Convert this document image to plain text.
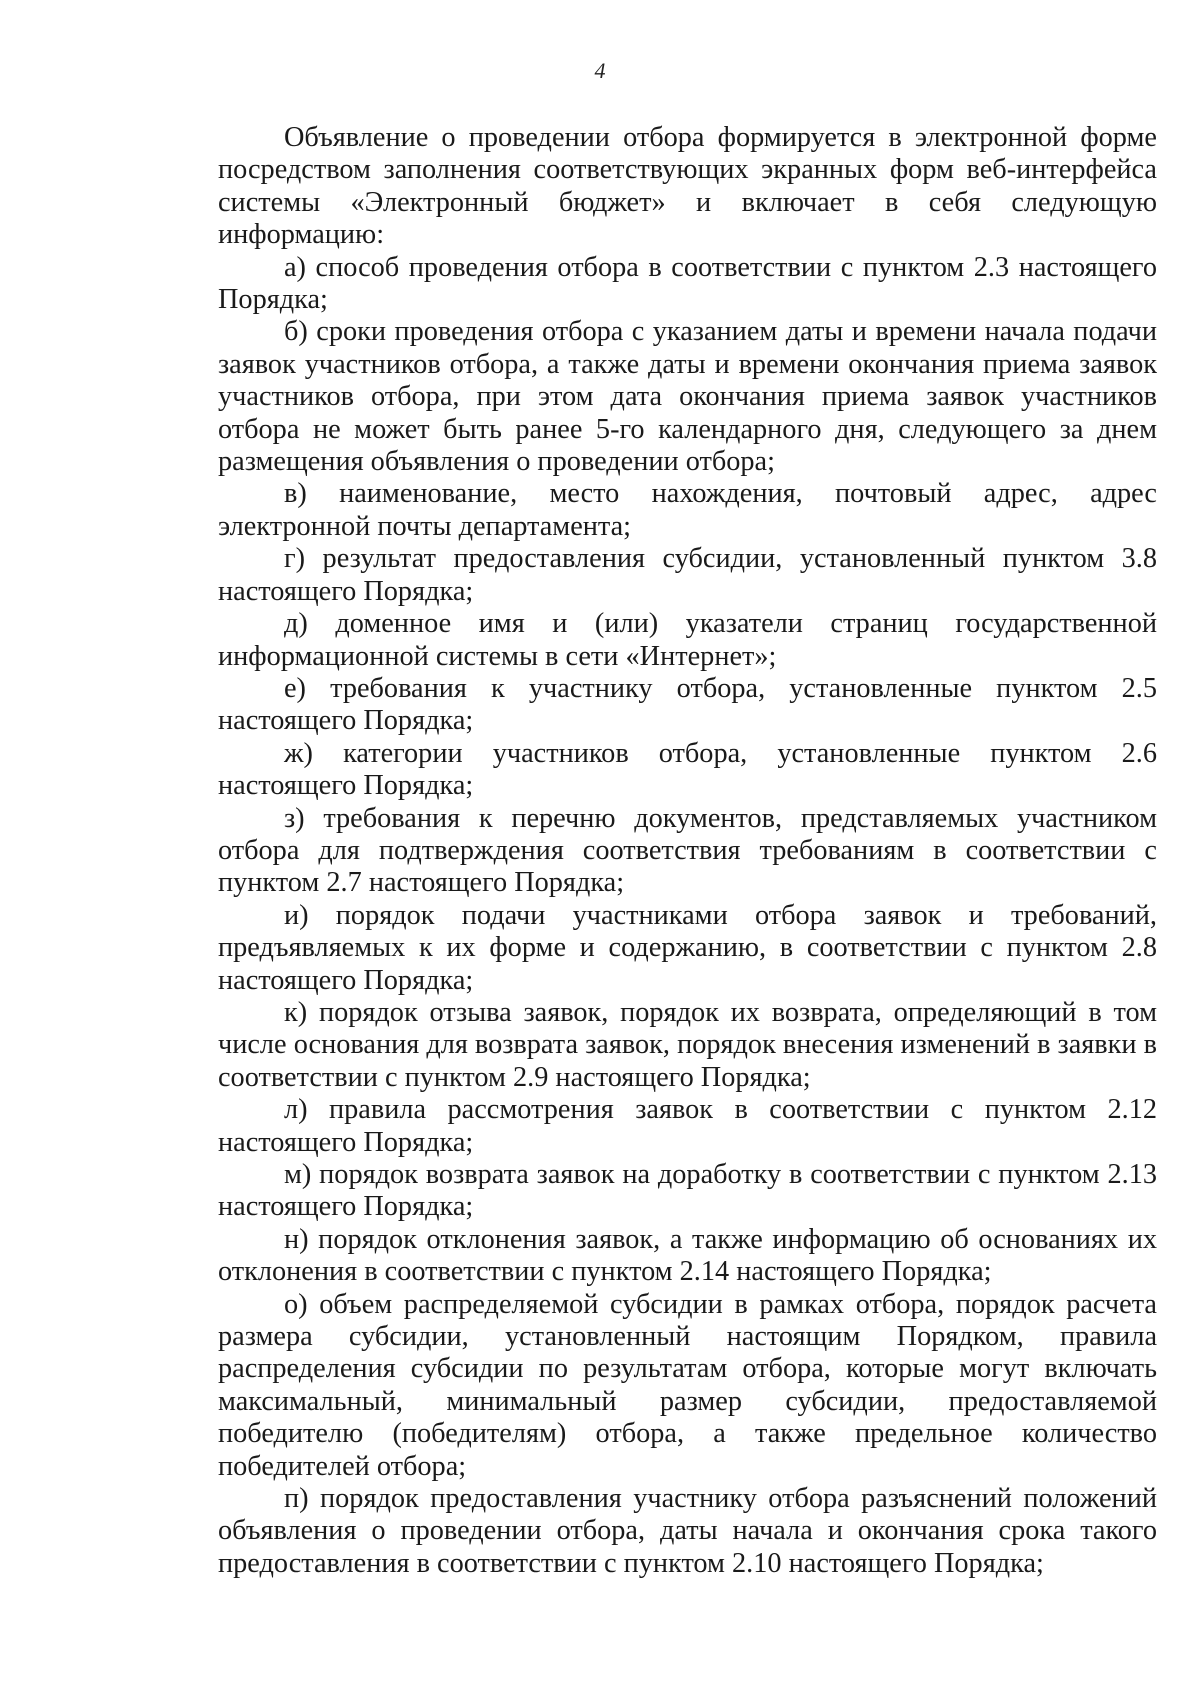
4

Объявление о проведении отбора формируется в электронной форме посредством заполнения соответствующих экранных форм веб-интерфейса системы «Электронный бюджет» и включает в себя следующую информацию:

а) способ проведения отбора в соответствии с пунктом 2.3 настоящего Порядка;

б) сроки проведения отбора с указанием даты и времени начала подачи заявок участников отбора, а также даты и времени окончания приема заявок участников отбора, при этом дата окончания приема заявок участников отбора не может быть ранее 5-го календарного дня, следующего за днем размещения объявления о проведении отбора;

в) наименование, место нахождения, почтовый адрес, адрес электронной почты департамента;

г) результат предоставления субсидии, установленный пунктом 3.8 настоящего Порядка;

д) доменное имя и (или) указатели страниц государственной информационной системы в сети «Интернет»;

е) требования к участнику отбора, установленные пунктом 2.5 настоящего Порядка;

ж) категории участников отбора, установленные пунктом 2.6 настоящего Порядка;

з) требования к перечню документов, представляемых участником отбора для подтверждения соответствия требованиям в соответствии с пунктом 2.7 настоящего Порядка;

и) порядок подачи участниками отбора заявок и требований, предъявляемых к их форме и содержанию, в соответствии с пунктом 2.8 настоящего Порядка;

к) порядок отзыва заявок, порядок их возврата, определяющий в том числе основания для возврата заявок, порядок внесения изменений в заявки в соответствии с пунктом 2.9 настоящего Порядка;

л) правила рассмотрения заявок в соответствии с пунктом 2.12 настоящего Порядка;

м) порядок возврата заявок на доработку в соответствии с пунктом 2.13 настоящего Порядка;

н) порядок отклонения заявок, а также информацию об основаниях их отклонения в соответствии с пунктом 2.14 настоящего Порядка;

о) объем распределяемой субсидии в рамках отбора, порядок расчета размера субсидии, установленный настоящим Порядком, правила распределения субсидии по результатам отбора, которые могут включать максимальный, минимальный размер субсидии, предоставляемой победителю (победителям) отбора, а также предельное количество победителей отбора;

п) порядок предоставления участнику отбора разъяснений положений объявления о проведении отбора, даты начала и окончания срока такого предоставления в соответствии с пунктом 2.10 настоящего Порядка;
